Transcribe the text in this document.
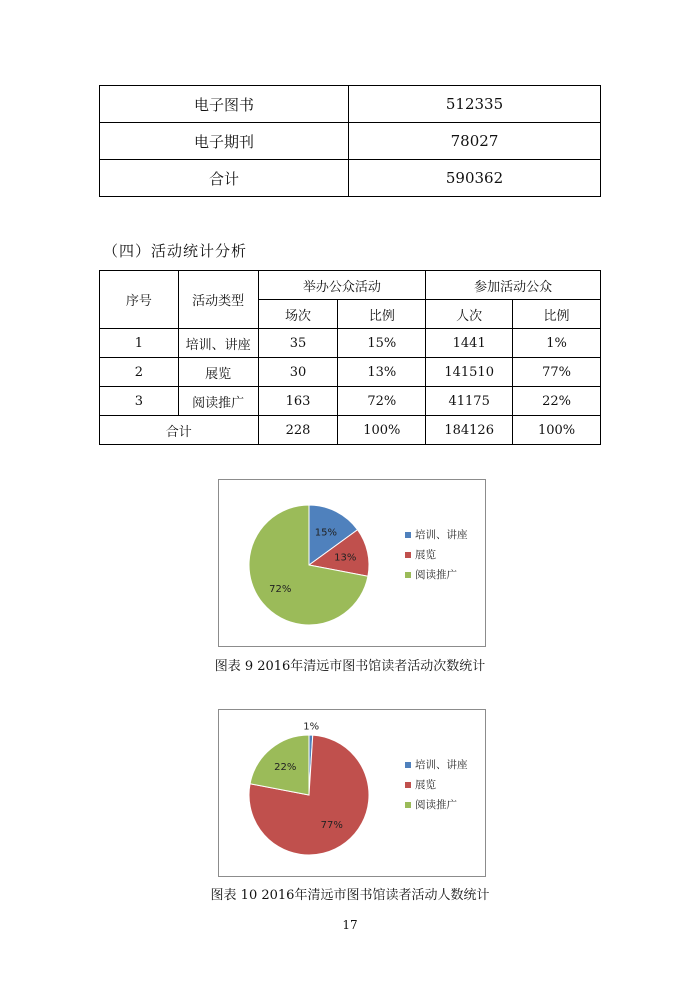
电子图书	512335
电子期刊	78027
合计	590362
（四）活动统计分析
序号	活动类型	举办公众活动		参加活动公众	
		场次	比例	人次	比例
1	培训、讲座	35	15%	1441	1%
2	展览	30	13%	141510	77%
3	阅读推广	163	72%	41175	22%
合计		228	100%	184126	100%
15%
13%
72%
培训、讲座
展览
阅读推广
图表 9 2016年清远市图书馆读者活动次数统计
1%
77%
22%	培训、讲座
展览
阅读推广
图表 10 2016年清远市图书馆读者活动人数统计
17
